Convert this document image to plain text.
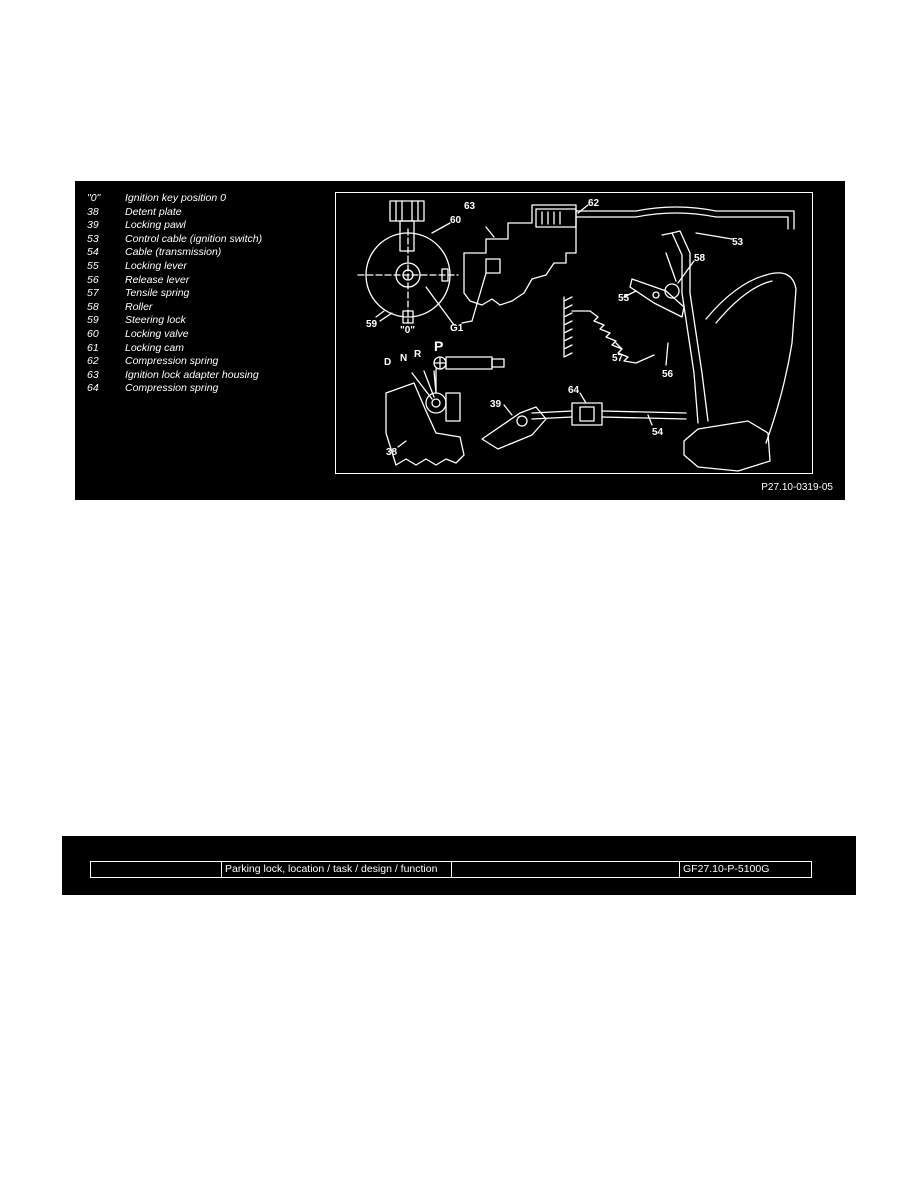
"0" Ignition key position 0
38	Detent plate
39	Locking pawl
53	Control cable (ignition switch)
54	Cable (transmission)
55	Locking lever
56	Release lever
57	Tensile spring
58	Roller
59	Steering lock
60	Locking valve
61	Locking cam
62	Compression spring
63	Ignition lock adapter housing
64	Compression spring
60
63	62
53
58
55
57
56
59
"0"	G1
D N R
P
64
39
54
38
P27.10-0319-05
Parking lock, location / task / design / function	GF27.10-P-5100G
